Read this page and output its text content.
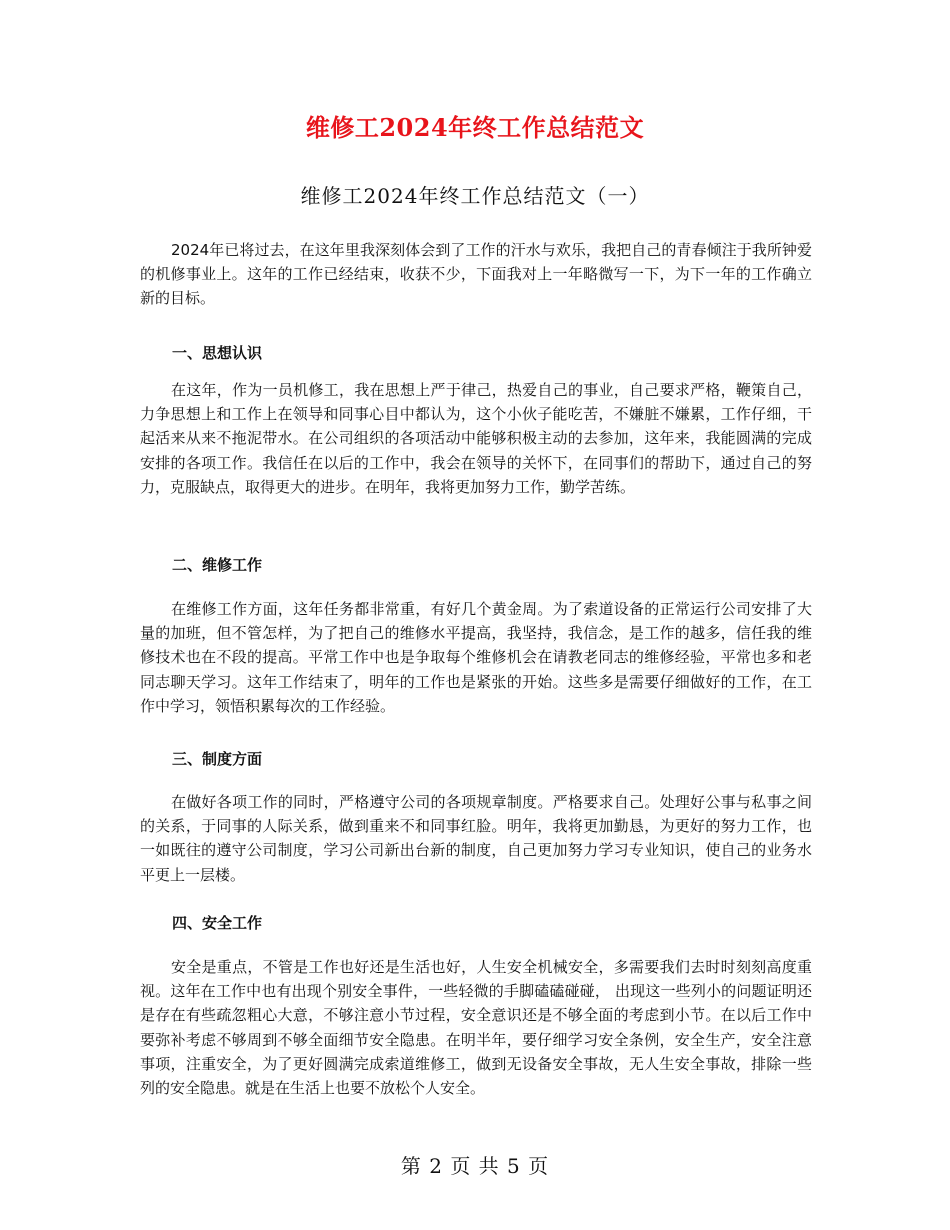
维修工2024年终工作总结范文
维修工2024年终工作总结范文（一）

2024年已将过去，在这年里我深刻体会到了工作的汗水与欢乐，我把自己的青春倾注于我所钟爱的机修事业上。这年的工作已经结束，收获不少，下面我对上一年略微写一下，为下一年的工作确立新的目标。

一、思想认识

在这年，作为一员机修工，我在思想上严于律己，热爱自己的事业，自己要求严格，鞭策自己，力争思想上和工作上在领导和同事心目中都认为，这个小伙子能吃苦，不嫌脏不嫌累，工作仔细，干起活来从来不拖泥带水。在公司组织的各项活动中能够积极主动的去参加，这年来，我能圆满的完成安排的各项工作。我信任在以后的工作中，我会在领导的关怀下，在同事们的帮助下，通过自己的努力，克服缺点，取得更大的进步。在明年，我将更加努力工作，勤学苦练。

二、维修工作

在维修工作方面，这年任务都非常重，有好几个黄金周。为了索道设备的正常运行公司安排了大量的加班，但不管怎样，为了把自己的维修水平提高，我坚持，我信念，是工作的越多，信任我的维修技术也在不段的提高。平常工作中也是争取每个维修机会在请教老同志的维修经验，平常也多和老同志聊天学习。这年工作结束了，明年的工作也是紧张的开始。这些多是需要仔细做好的工作，在工作中学习，领悟积累每次的工作经验。

三、制度方面

在做好各项工作的同时，严格遵守公司的各项规章制度。严格要求自己。处理好公事与私事之间的关系，于同事的人际关系，做到重来不和同事红脸。明年，我将更加勤恳，为更好的努力工作，也一如既往的遵守公司制度，学习公司新出台新的制度，自己更加努力学习专业知识，使自己的业务水平更上一层楼。

四、安全工作

安全是重点，不管是工作也好还是生活也好，人生安全机械安全，多需要我们去时时刻刻高度重视。这年在工作中也有出现个别安全事件，一些轻微的手脚磕磕碰碰， 出现这一些列小的问题证明还是存在有些疏忽粗心大意，不够注意小节过程，安全意识还是不够全面的考虑到小节。在以后工作中要弥补考虑不够周到不够全面细节安全隐患。在明半年，要仔细学习安全条例，安全生产，安全注意事项，注重安全，为了更好圆满完成索道维修工，做到无设备安全事故，无人生安全事故，排除一些列的安全隐患。就是在生活上也要不放松个人安全。

第 2 页 共 5 页
